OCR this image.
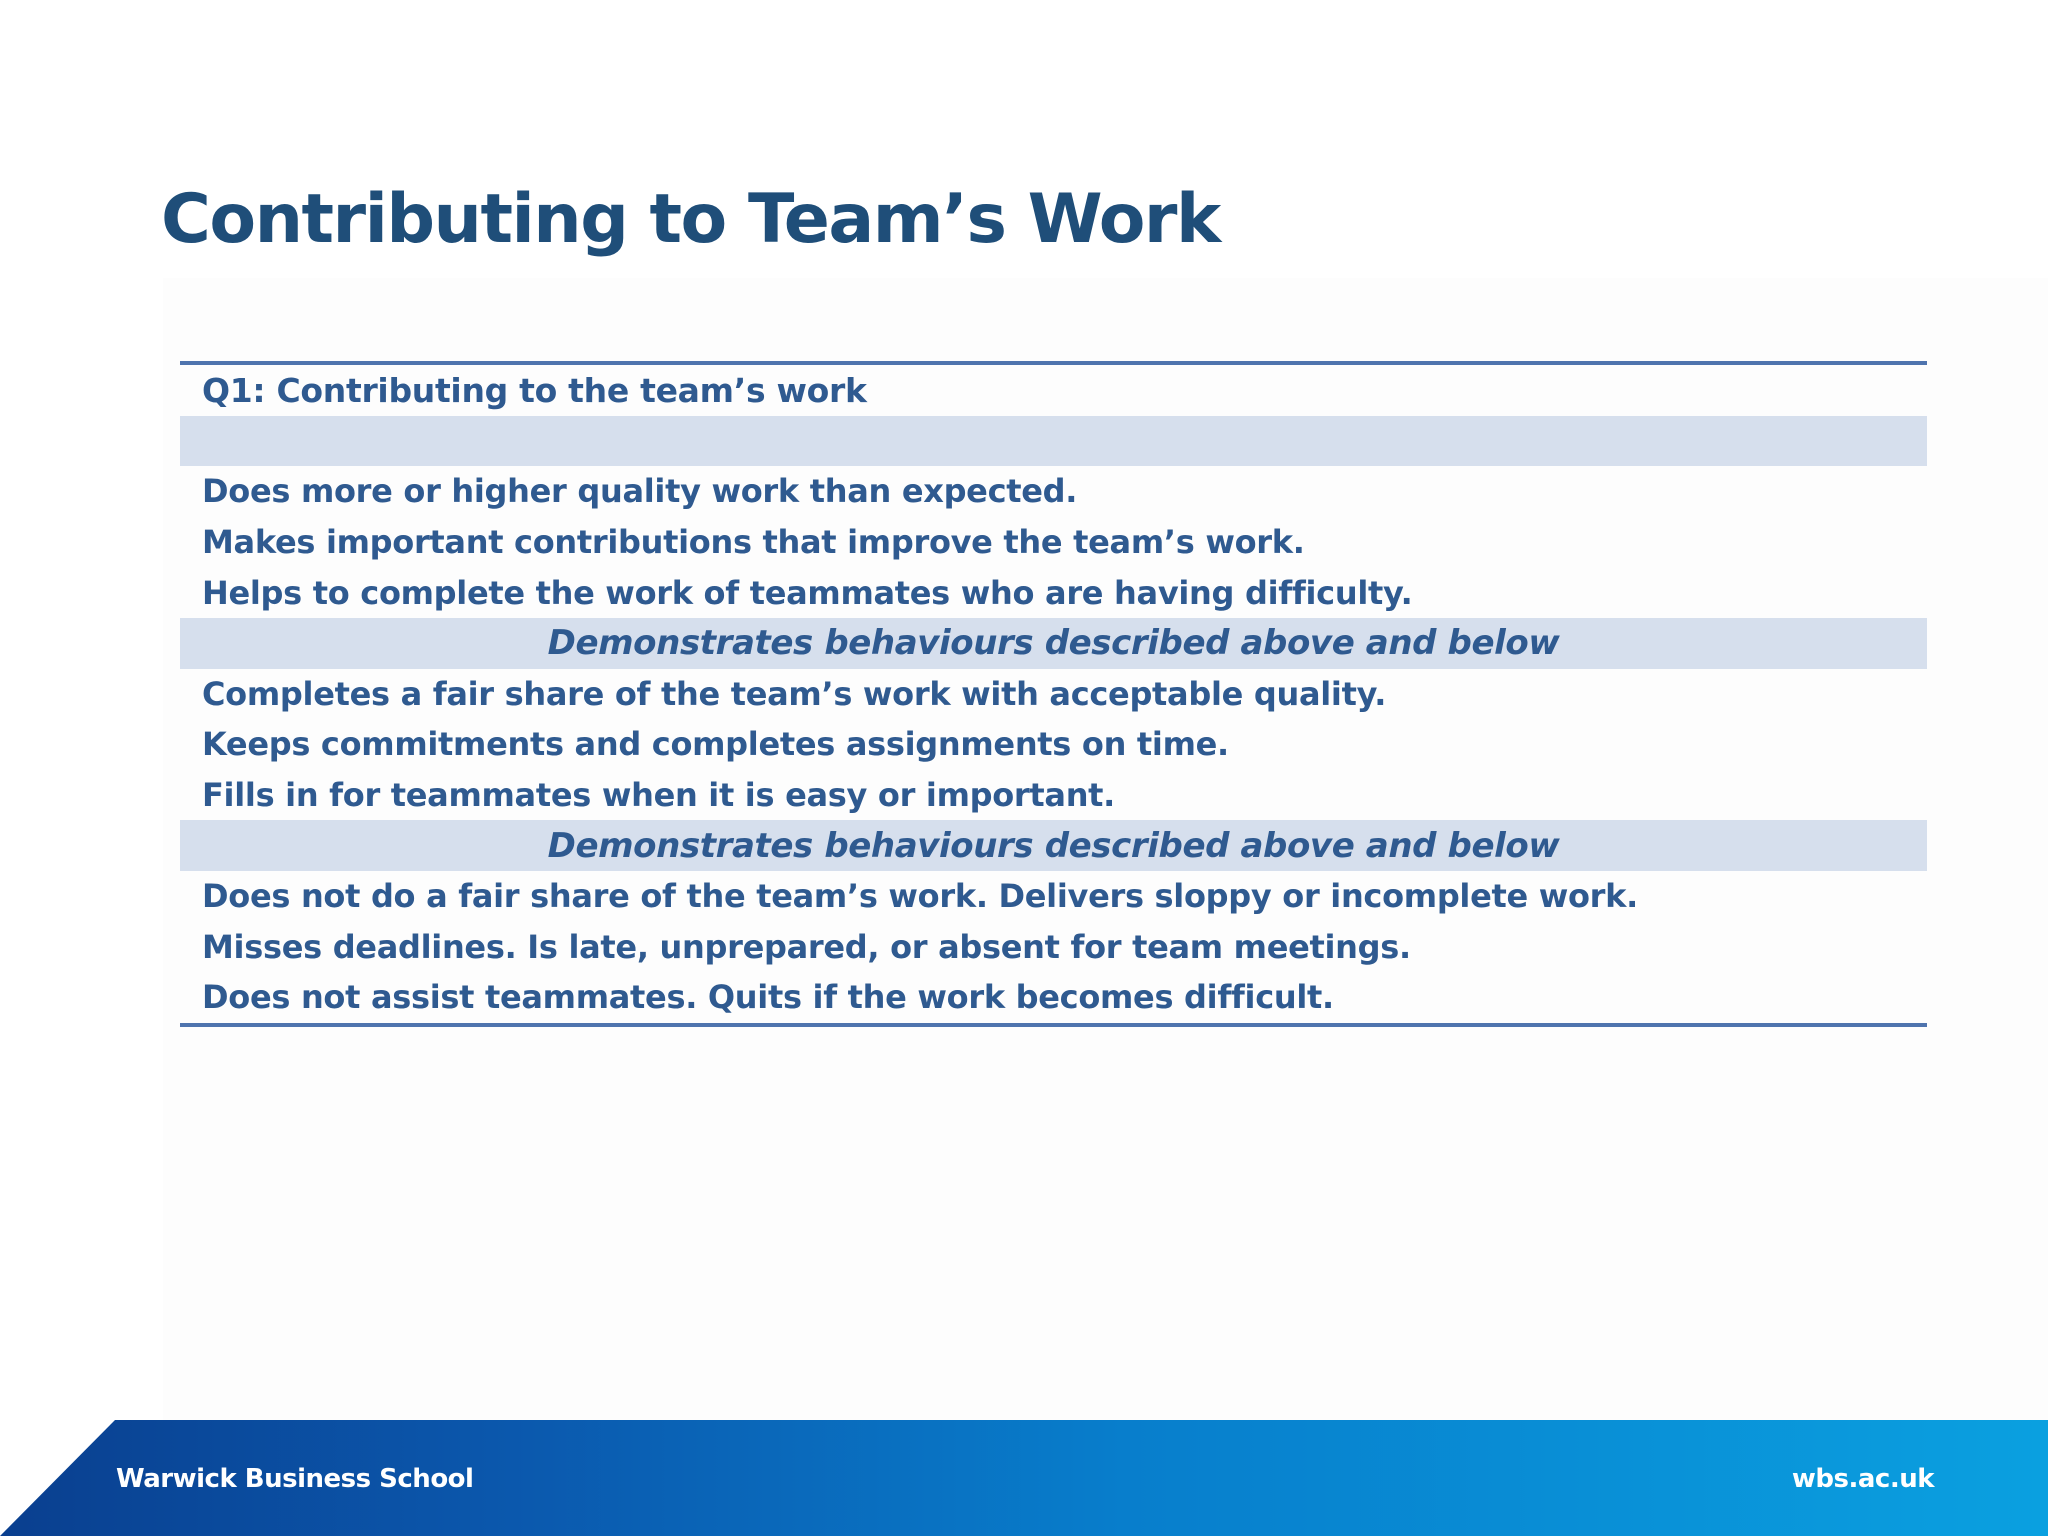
Contributing to Team’s Work
Q1: Contributing to the team’s work
Does more or higher quality work than expected.
Makes important contributions that improve the team’s work.
Helps to complete the work of teammates who are having difficulty.
Demonstrates behaviours described above and below
Completes a fair share of the team’s work with acceptable quality.
Keeps commitments and completes assignments on time.
Fills in for teammates when it is easy or important.
Demonstrates behaviours described above and below
Does not do a fair share of the team’s work. Delivers sloppy or incomplete work.
Misses deadlines. Is late, unprepared, or absent for team meetings.
Does not assist teammates. Quits if the work becomes difficult.
Warwick Business School	wbs.ac.uk
